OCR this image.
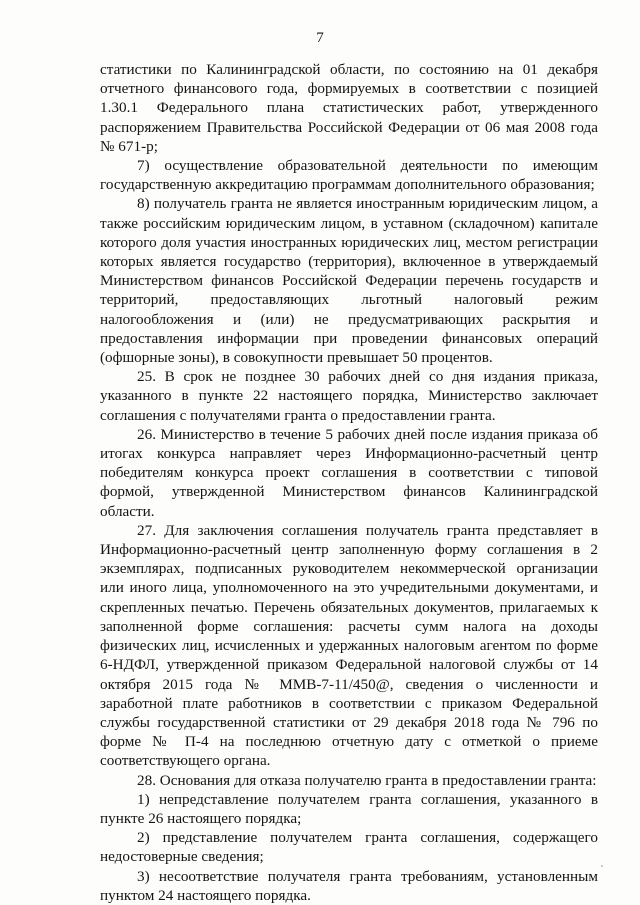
7

статистики по Калининградской области, по состоянию на 01 декабря отчетного финансового года, формируемых в соответствии с позицией 1.30.1 Федерального плана статистических работ, утвержденного распоряжением Правительства Российской Федерации от 06 мая 2008 года № 671-р;

7) осуществление образовательной деятельности по имеющим государственную аккредитацию программам дополнительного образования;

8) получатель гранта не является иностранным юридическим лицом, а также российским юридическим лицом, в уставном (складочном) капитале которого доля участия иностранных юридических лиц, местом регистрации которых является государство (территория), включенное в утверждаемый Министерством финансов Российской Федерации перечень государств и территорий, предоставляющих льготный налоговый режим налогообложения и (или) не предусматривающих раскрытия и предоставления информации при проведении финансовых операций (офшорные зоны), в совокупности превышает 50 процентов.

25. В срок не позднее 30 рабочих дней со дня издания приказа, указанного в пункте 22 настоящего порядка, Министерство заключает соглашения с получателями гранта о предоставлении гранта.

26. Министерство в течение 5 рабочих дней после издания приказа об итогах конкурса направляет через Информационно-расчетный центр победителям конкурса проект соглашения в соответствии с типовой формой, утвержденной Министерством финансов Калининградской области.

27. Для заключения соглашения получатель гранта представляет в Информационно-расчетный центр заполненную форму соглашения в 2 экземплярах, подписанных руководителем некоммерческой организации или иного лица, уполномоченного на это учредительными документами, и скрепленных печатью. Перечень обязательных документов, прилагаемых к заполненной форме соглашения: расчеты сумм налога на доходы физических лиц, исчисленных и удержанных налоговым агентом по форме 6-НДФЛ, утвержденной приказом Федеральной налоговой службы от 14 октября 2015 года № ММВ-7-11/450@, сведения о численности и заработной плате работников в соответствии с приказом Федеральной службы государственной статистики от 29 декабря 2018 года № 796 по форме № П-4 на последнюю отчетную дату с отметкой о приеме соответствующего органа.

28. Основания для отказа получателю гранта в предоставлении гранта:

1) непредставление получателем гранта соглашения, указанного в пункте 26 настоящего порядка;

2) представление получателем гранта соглашения, содержащего недостоверные сведения;

3) несоответствие получателя гранта требованиям, установленным пунктом 24 настоящего порядка.
